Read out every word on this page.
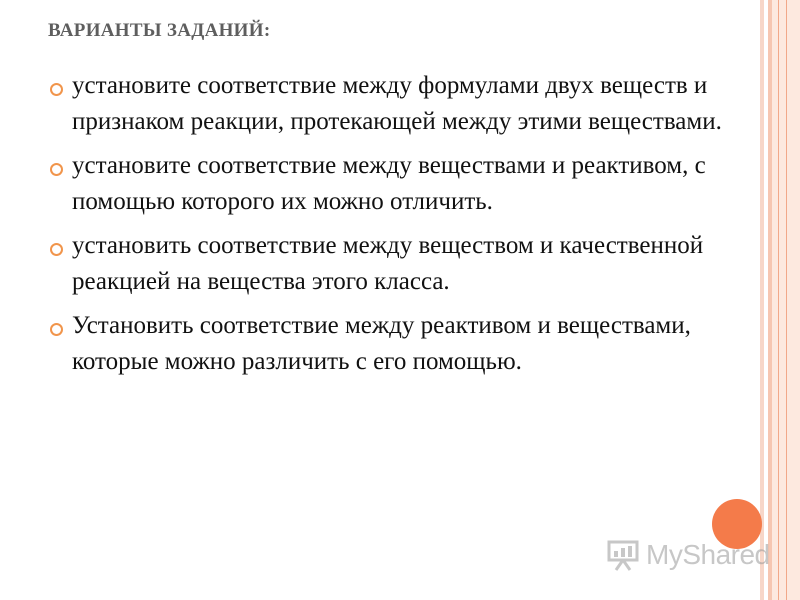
ВАРИАНТЫ ЗАДАНИЙ:
установите соответствие между формулами двух веществ и признаком реакции, протекающей между этими веществами.
установите соответствие между веществами и реактивом, с помощью которого их можно отличить.
установить соответствие между веществом и качественной реакцией на вещества этого класса.
Установить соответствие между реактивом и веществами, которые можно различить с его помощью.
MyShared
